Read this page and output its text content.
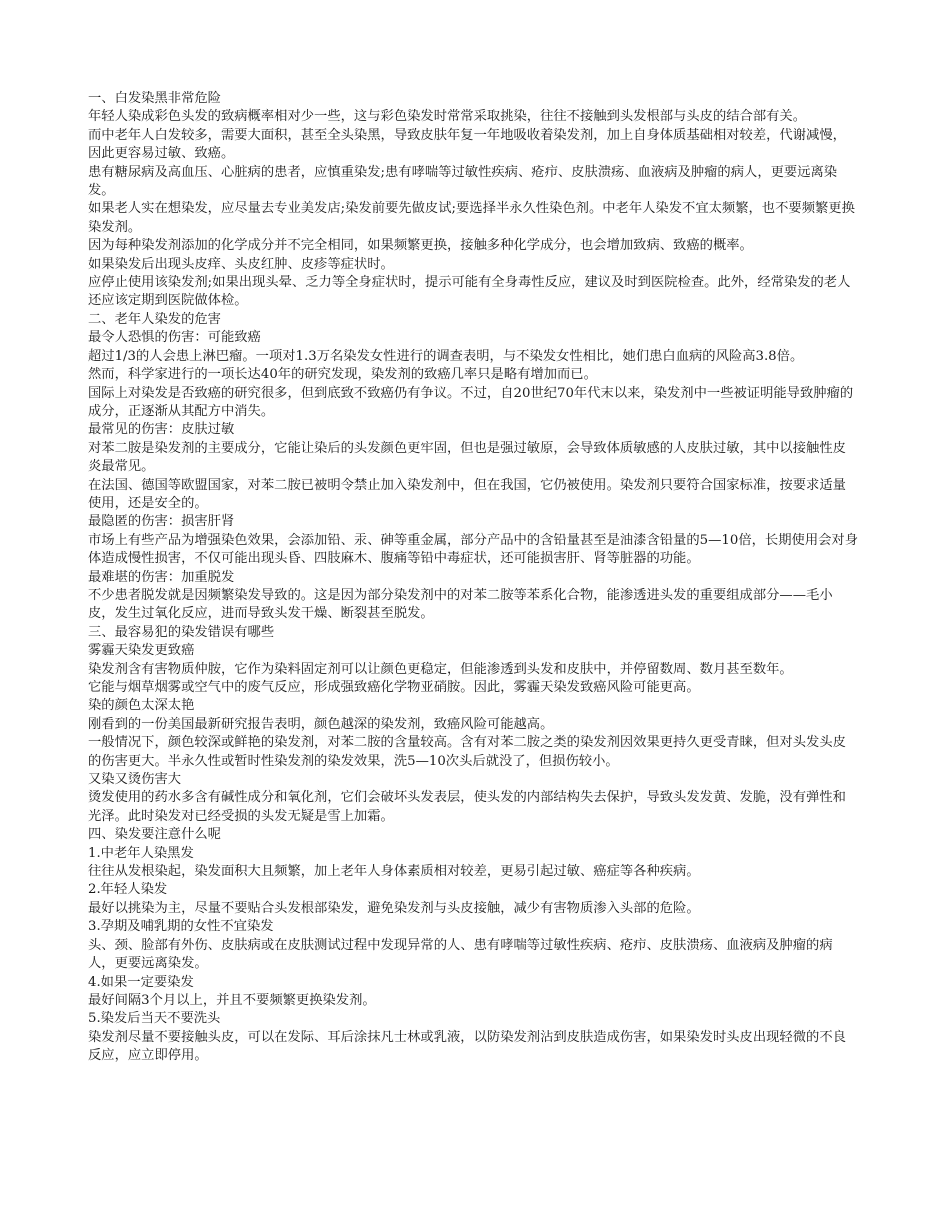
一、白发染黑非常危险
年轻人染成彩色头发的致病概率相对少一些，这与彩色染发时常常采取挑染，往往不接触到头发根部与头皮的结合部有关。
而中老年人白发较多，需要大面积，甚至全头染黑，导致皮肤年复一年地吸收着染发剂，加上自身体质基础相对较差，代谢减慢，因此更容易过敏、致癌。
患有糖尿病及高血压、心脏病的患者，应慎重染发;患有哮喘等过敏性疾病、疮疖、皮肤溃疡、血液病及肿瘤的病人，更要远离染发。
如果老人实在想染发，应尽量去专业美发店;染发前要先做皮试;要选择半永久性染色剂。中老年人染发不宜太频繁，也不要频繁更换染发剂。
因为每种染发剂添加的化学成分并不完全相同，如果频繁更换，接触多种化学成分，也会增加致病、致癌的概率。
如果染发后出现头皮痒、头皮红肿、皮疹等症状时。
应停止使用该染发剂;如果出现头晕、乏力等全身症状时，提示可能有全身毒性反应，建议及时到医院检查。此外，经常染发的老人还应该定期到医院做体检。
二、老年人染发的危害
最令人恐惧的伤害：可能致癌
超过1/3的人会患上淋巴瘤。一项对1.3万名染发女性进行的调查表明，与不染发女性相比，她们患白血病的风险高3.8倍。
然而，科学家进行的一项长达40年的研究发现，染发剂的致癌几率只是略有增加而已。
国际上对染发是否致癌的研究很多，但到底致不致癌仍有争议。不过，自20世纪70年代末以来，染发剂中一些被证明能导致肿瘤的成分，正逐渐从其配方中消失。
最常见的伤害：皮肤过敏
对苯二胺是染发剂的主要成分，它能让染后的头发颜色更牢固，但也是强过敏原，会导致体质敏感的人皮肤过敏，其中以接触性皮炎最常见。
在法国、德国等欧盟国家，对苯二胺已被明令禁止加入染发剂中，但在我国，它仍被使用。染发剂只要符合国家标准，按要求适量使用，还是安全的。
最隐匿的伤害：损害肝肾
市场上有些产品为增强染色效果，会添加铅、汞、砷等重金属，部分产品中的含铅量甚至是油漆含铅量的5—10倍，长期使用会对身体造成慢性损害，不仅可能出现头昏、四肢麻木、腹痛等铅中毒症状，还可能损害肝、肾等脏器的功能。
最难堪的伤害：加重脱发
不少患者脱发就是因频繁染发导致的。这是因为部分染发剂中的对苯二胺等苯系化合物，能渗透进头发的重要组成部分——毛小皮，发生过氧化反应，进而导致头发干燥、断裂甚至脱发。
三、最容易犯的染发错误有哪些
雾霾天染发更致癌
染发剂含有害物质仲胺，它作为染料固定剂可以让颜色更稳定，但能渗透到头发和皮肤中，并停留数周、数月甚至数年。
它能与烟草烟雾或空气中的废气反应，形成强致癌化学物亚硝胺。因此，雾霾天染发致癌风险可能更高。
染的颜色太深太艳
刚看到的一份美国最新研究报告表明，颜色越深的染发剂，致癌风险可能越高。
一般情况下，颜色较深或鲜艳的染发剂，对苯二胺的含量较高。含有对苯二胺之类的染发剂因效果更持久更受青睐，但对头发头皮的伤害更大。半永久性或暂时性染发剂的染发效果，洗5—10次头后就没了，但损伤较小。
又染又烫伤害大
烫发使用的药水多含有碱性成分和氧化剂，它们会破坏头发表层，使头发的内部结构失去保护，导致头发发黄、发脆，没有弹性和光泽。此时染发对已经受损的头发无疑是雪上加霜。
四、染发要注意什么呢
1.中老年人染黑发
往往从发根染起，染发面积大且频繁，加上老年人身体素质相对较差，更易引起过敏、癌症等各种疾病。
2.年轻人染发
最好以挑染为主，尽量不要贴合头发根部染发，避免染发剂与头皮接触，减少有害物质渗入头部的危险。
3.孕期及哺乳期的女性不宜染发
头、颈、脸部有外伤、皮肤病或在皮肤测试过程中发现异常的人、患有哮喘等过敏性疾病、疮疖、皮肤溃疡、血液病及肿瘤的病人，更要远离染发。
4.如果一定要染发
最好间隔3个月以上，并且不要频繁更换染发剂。
5.染发后当天不要洗头
染发剂尽量不要接触头皮，可以在发际、耳后涂抹凡士林或乳液，以防染发剂沾到皮肤造成伤害，如果染发时头皮出现轻微的不良反应，应立即停用。
